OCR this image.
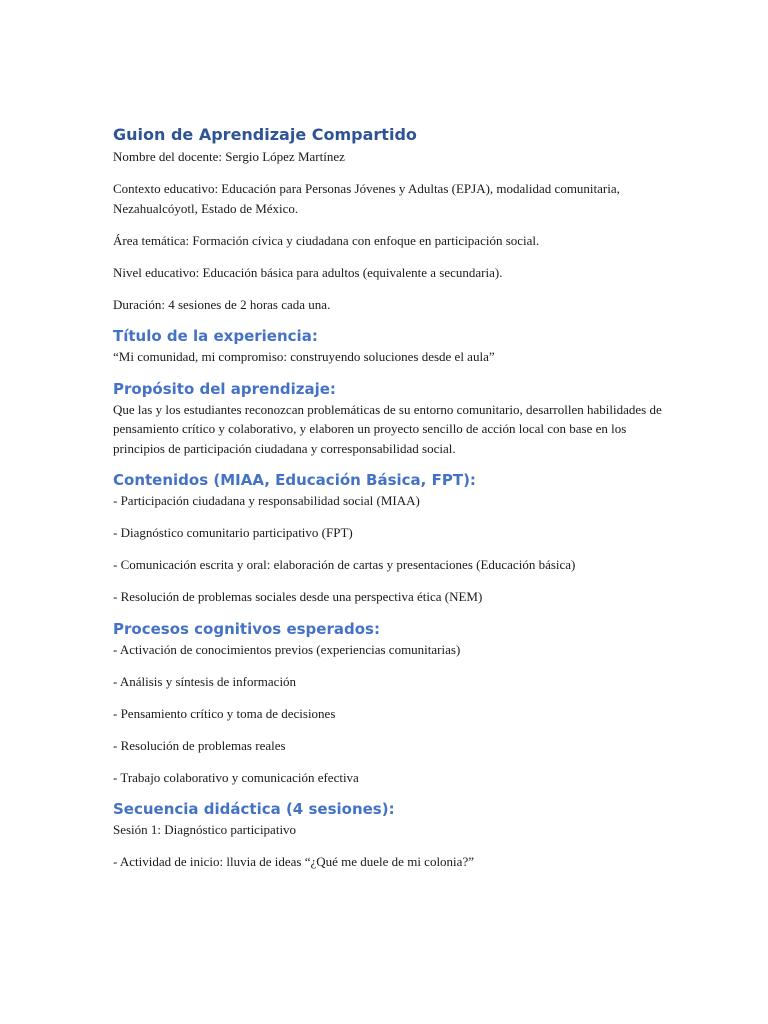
Guion de Aprendizaje Compartido

Nombre del docente: Sergio López Martínez

Contexto educativo: Educación para Personas Jóvenes y Adultas (EPJA), modalidad comunitaria, Nezahualcóyotl, Estado de México.

Área temática: Formación cívica y ciudadana con enfoque en participación social.

Nivel educativo: Educación básica para adultos (equivalente a secundaria).

Duración: 4 sesiones de 2 horas cada una.

Título de la experiencia:

“Mi comunidad, mi compromiso: construyendo soluciones desde el aula”

Propósito del aprendizaje:

Que las y los estudiantes reconozcan problemáticas de su entorno comunitario, desarrollen habilidades de pensamiento crítico y colaborativo, y elaboren un proyecto sencillo de acción local con base en los principios de participación ciudadana y corresponsabilidad social.

Contenidos (MIAA, Educación Básica, FPT):

- Participación ciudadana y responsabilidad social (MIAA)

- Diagnóstico comunitario participativo (FPT)

- Comunicación escrita y oral: elaboración de cartas y presentaciones (Educación básica)

- Resolución de problemas sociales desde una perspectiva ética (NEM)

Procesos cognitivos esperados:

- Activación de conocimientos previos (experiencias comunitarias)

- Análisis y síntesis de información

- Pensamiento crítico y toma de decisiones

- Resolución de problemas reales

- Trabajo colaborativo y comunicación efectiva

Secuencia didáctica (4 sesiones):

Sesión 1: Diagnóstico participativo

- Actividad de inicio: lluvia de ideas “¿Qué me duele de mi colonia?”
